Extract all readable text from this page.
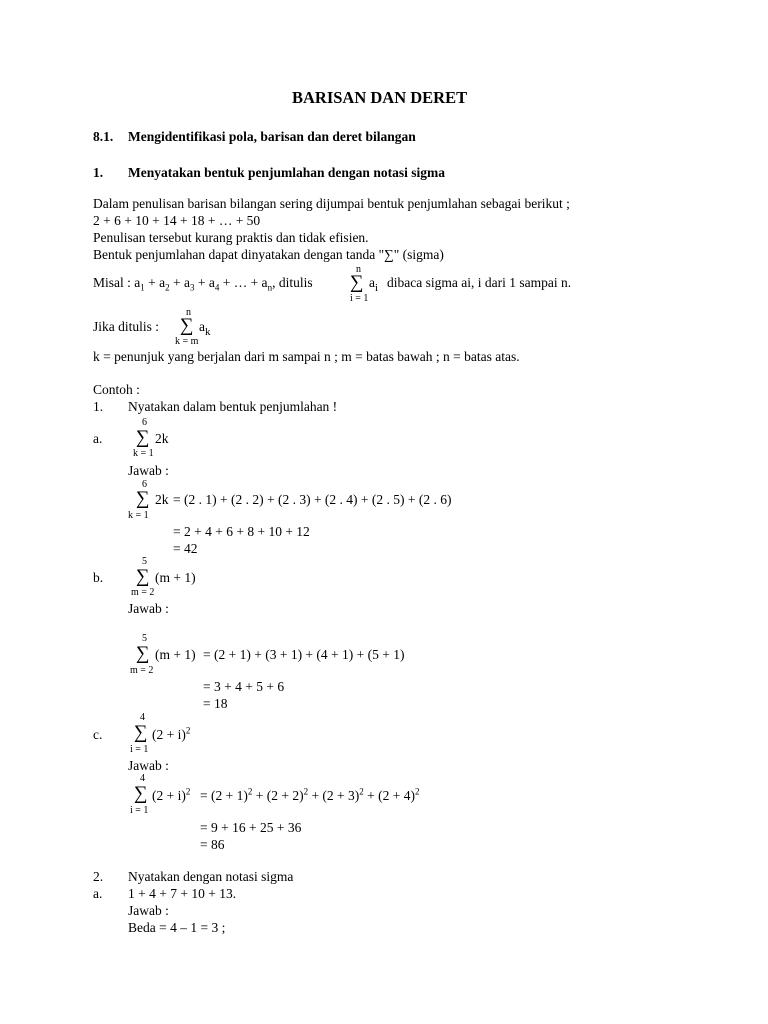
BARISAN DAN DERET
8.1. Mengidentifikasi pola, barisan dan deret bilangan
1. Menyatakan bentuk penjumlahan dengan notasi sigma
Dalam penulisan barisan bilangan sering dijumpai bentuk penjumlahan sebagai berikut ;
2 + 6 + 10 + 14 + 18 + … + 50
Penulisan tersebut kurang praktis dan tidak efisien.
Bentuk penjumlahan dapat dinyatakan dengan tanda "∑" (sigma)
Misal : $a_1 + a_2 + a_3 + a_4$ + … + $a_n$, ditulis
n
∑
i = 1
$a_i$ dibaca sigma ai, i dari 1 sampai n.
Jika ditulis :
n
∑
k = m
$a_k$
k = penunjuk yang berjalan dari m sampai n ; m = batas bawah ; n = batas atas.
Contoh :
1. Nyatakan dalam bentuk penjumlahan !
a.
6
∑
k = 1
2k
Jawab :
6
∑
k = 1
2k = (2 . 1) + (2 . 2) + (2 . 3) + (2 . 4) + (2 . 5) + (2 . 6)
= 2 + 4 + 6 + 8 + 10 + 12
= 42
b.
5
∑
m = 2
(m + 1)
Jawab :
5
∑
m = 2
(m + 1) = (2 + 1) + (3 + 1) + (4 + 1) + (5 + 1)
= 3 + 4 + 5 + 6
= 18
c.
4
∑
i = 1
$(2 + i)^2$
Jawab :
4
∑
i = 1
$(2 + i)^2 = (2 + 1)^2 + (2 + 2)^2 + (2 + 3)^2 + (2 + 4)^2$
= 9 + 16 + 25 + 36
= 86
2. Nyatakan dengan notasi sigma
a. 1 + 4 + 7 + 10 + 13.
Jawab :
Beda = 4 – 1 = 3 ;
